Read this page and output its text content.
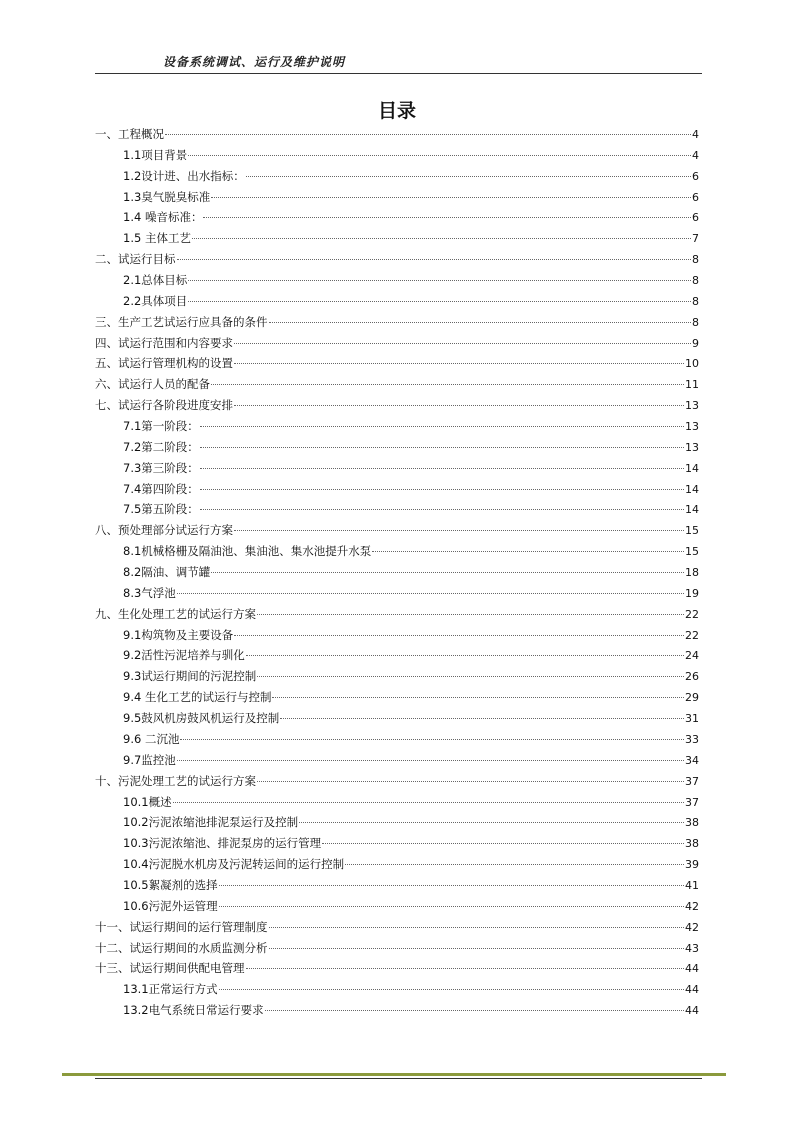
设备系统调试、运行及维护说明
目录
一、工程概况	4
1.1项目背景	4
1.2设计进、出水指标：	6
1.3臭气脱臭标准	6
1.4 噪音标准：	6
1.5 主体工艺	7
二、试运行目标	8
2.1总体目标	8
2.2具体项目	8
三、生产工艺试运行应具备的条件	8
四、试运行范围和内容要求	9
五、试运行管理机构的设置	10
六、试运行人员的配备	11
七、试运行各阶段进度安排	13
7.1第一阶段：	13
7.2第二阶段：	13
7.3第三阶段：	14
7.4第四阶段：	14
7.5第五阶段：	14
八、预处理部分试运行方案	15
8.1机械格栅及隔油池、集油池、集水池提升水泵	15
8.2隔油、调节罐	18
8.3气浮池	19
九、生化处理工艺的试运行方案	22
9.1构筑物及主要设备	22
9.2活性污泥培养与驯化	24
9.3试运行期间的污泥控制	26
9.4 生化工艺的试运行与控制	29
9.5鼓风机房鼓风机运行及控制	31
9.6 二沉池	33
9.7监控池	34
十、污泥处理工艺的试运行方案	37
10.1概述	37
10.2污泥浓缩池排泥泵运行及控制	38
10.3污泥浓缩池、排泥泵房的运行管理	38
10.4污泥脱水机房及污泥转运间的运行控制	39
10.5絮凝剂的选择	41
10.6污泥外运管理	42
十一、试运行期间的运行管理制度	42
十二、试运行期间的水质监测分析	43
十三、试运行期间供配电管理	44
13.1正常运行方式	44
13.2电气系统日常运行要求	44
